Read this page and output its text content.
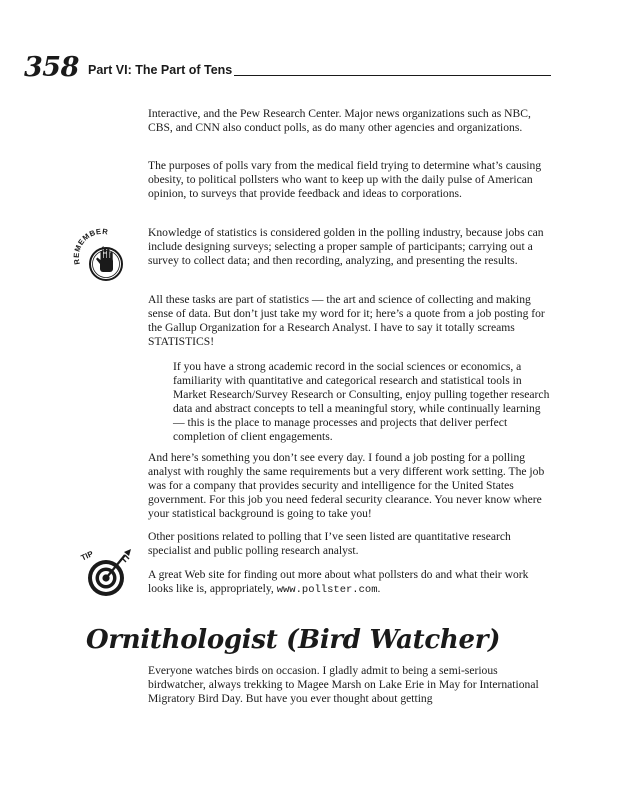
358 Part VI: The Part of Tens

Interactive, and the Pew Research Center. Major news organizations such as NBC, CBS, and CNN also conduct polls, as do many other agencies and organizations.

The purposes of polls vary from the medical field trying to determine what’s causing obesity, to political pollsters who want to keep up with the daily pulse of American opinion, to surveys that provide feedback and ideas to corporations.

REMEMBER	Knowledge of statistics is considered golden in the polling industry, because jobs can include designing surveys; selecting a proper sample of participants; carrying out a survey to collect data; and then recording, analyzing, and presenting the results.

All these tasks are part of statistics — the art and science of collecting and making sense of data. But don’t just take my word for it; here’s a quote from a job posting for the Gallup Organization for a Research Analyst. I have to say it totally screams STATISTICS!

If you have a strong academic record in the social sciences or economics, a familiarity with quantitative and categorical research and statistical tools in Market Research/Survey Research or Consulting, enjoy pulling together research data and abstract concepts to tell a meaningful story, while continually learning — this is the place to manage processes and projects that deliver perfect completion of client engagements.

And here’s something you don’t see every day. I found a job posting for a polling analyst with roughly the same requirements but a very different work setting. The job was for a company that provides security and intelligence for the United States government. For this job you need federal security clearance. You never know where your statistical background is going to take you!

Other positions related to polling that I’ve seen listed are quantitative research specialist and public polling research analyst.

TIP

A great Web site for finding out more about what pollsters do and what their work looks like is, appropriately, www.pollster.com.

Ornithologist (Bird Watcher)

Everyone watches birds on occasion. I gladly admit to being a semi-serious birdwatcher, always trekking to Magee Marsh on Lake Erie in May for International Migratory Bird Day. But have you ever thought about getting
